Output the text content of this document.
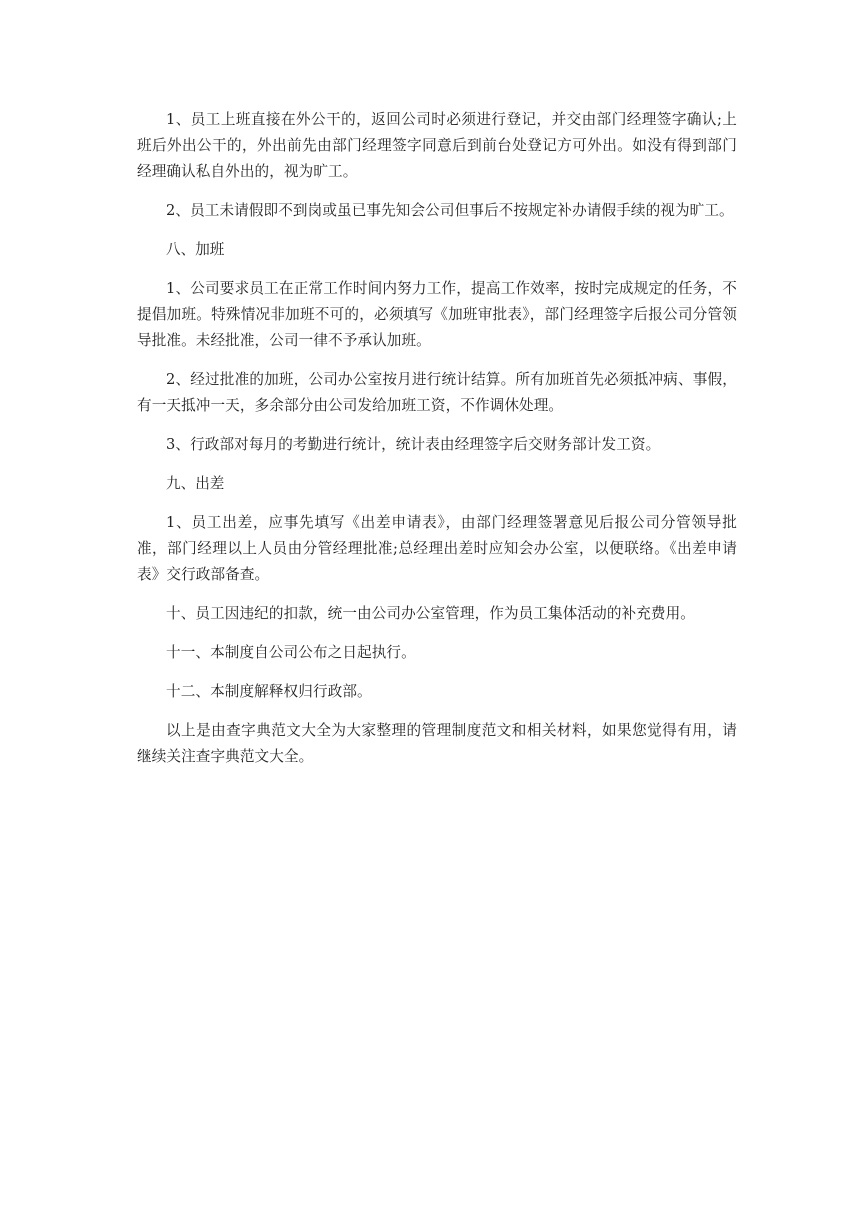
1、员工上班直接在外公干的，返回公司时必须进行登记，并交由部门经理签字确认;上班后外出公干的，外出前先由部门经理签字同意后到前台处登记方可外出。如没有得到部门经理确认私自外出的，视为旷工。

2、员工未请假即不到岗或虽已事先知会公司但事后不按规定补办请假手续的视为旷工。

八、加班

1、公司要求员工在正常工作时间内努力工作，提高工作效率，按时完成规定的任务，不提倡加班。特殊情况非加班不可的，必须填写《加班审批表》，部门经理签字后报公司分管领导批准。未经批准，公司一律不予承认加班。

2、经过批准的加班，公司办公室按月进行统计结算。所有加班首先必须抵冲病、事假，有一天抵冲一天，多余部分由公司发给加班工资，不作调休处理。

3、行政部对每月的考勤进行统计，统计表由经理签字后交财务部计发工资。

九、出差

1、员工出差，应事先填写《出差申请表》，由部门经理签署意见后报公司分管领导批准，部门经理以上人员由分管经理批准;总经理出差时应知会办公室，以便联络。《出差申请表》交行政部备查。

十、员工因违纪的扣款，统一由公司办公室管理，作为员工集体活动的补充费用。

十一、本制度自公司公布之日起执行。

十二、本制度解释权归行政部。

以上是由查字典范文大全为大家整理的管理制度范文和相关材料，如果您觉得有用，请继续关注查字典范文大全。
